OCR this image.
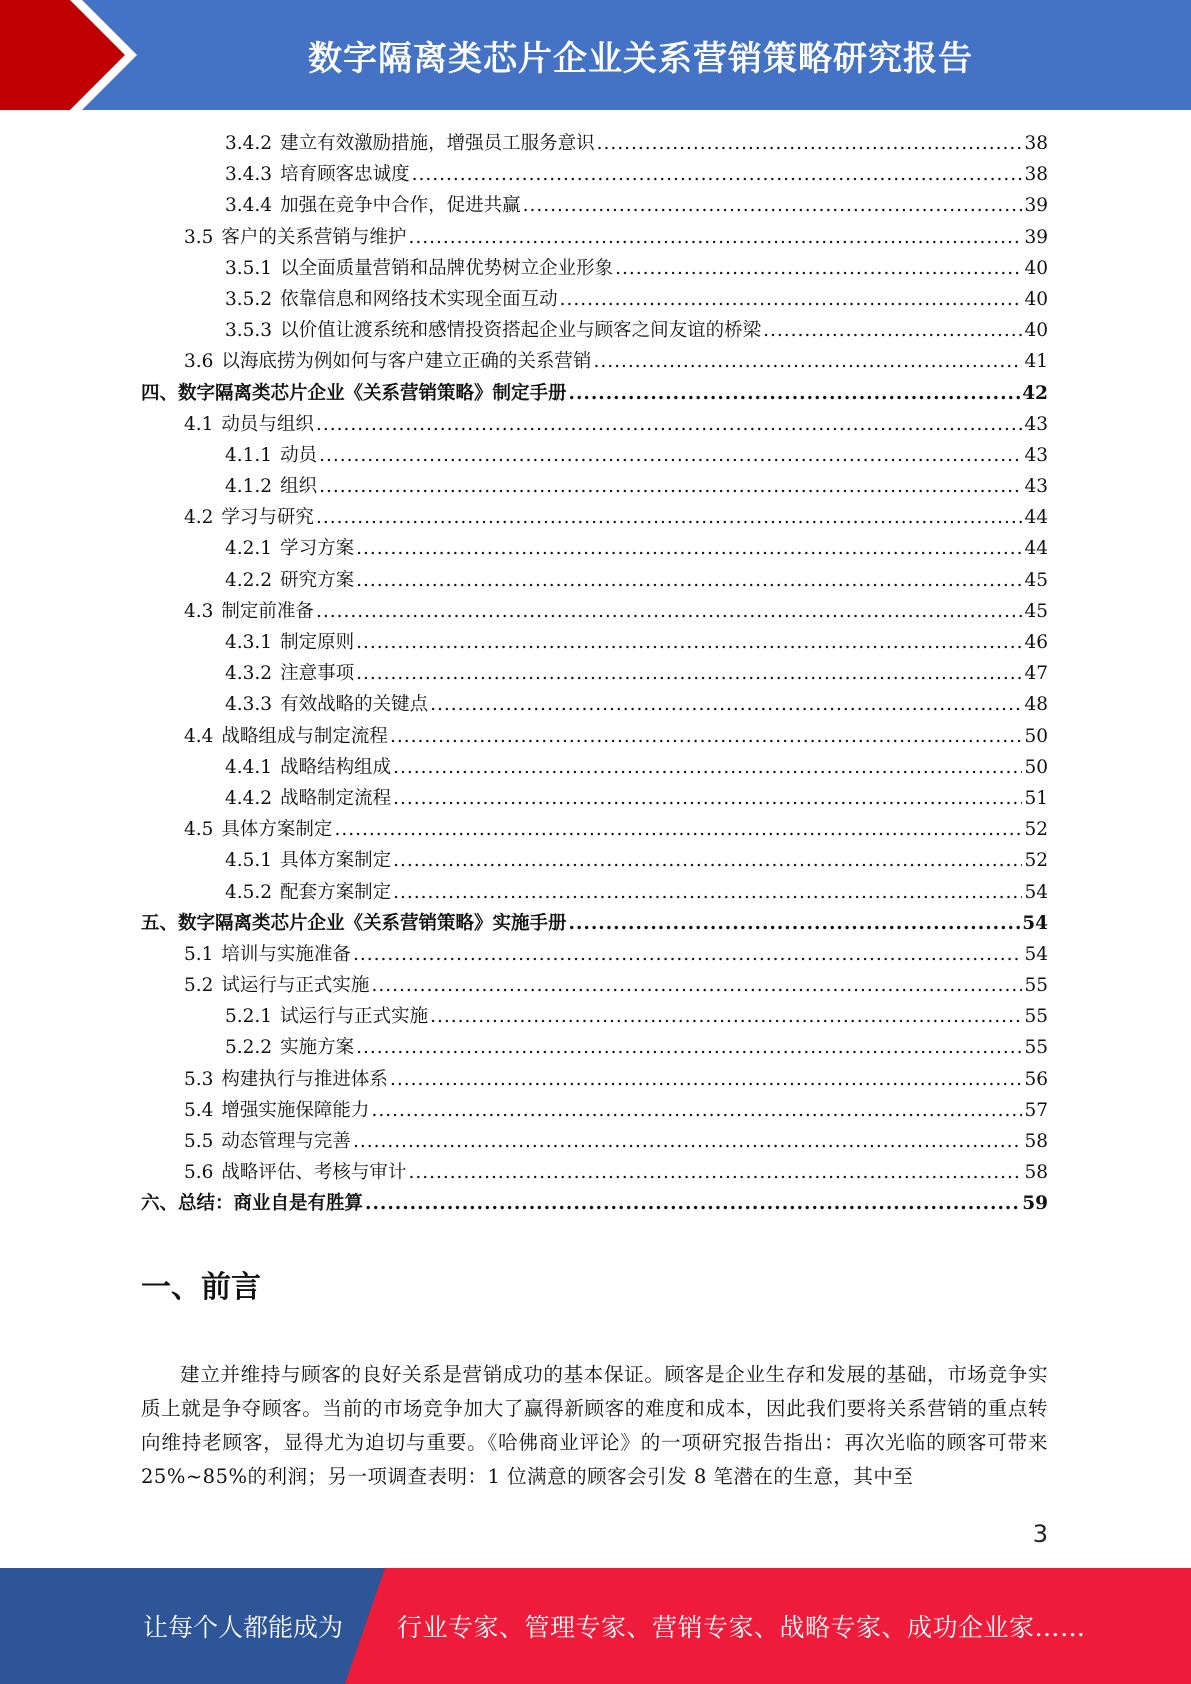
数字隔离类芯片企业关系营销策略研究报告
3.4.2 建立有效激励措施，增强员工服务意识 .....	38
3.4.3 培育顾客忠诚度 .....	38
3.4.4 加强在竞争中合作，促进共赢 .....	39
3.5 客户的关系营销与维护 .....	39
3.5.1 以全面质量营销和品牌优势树立企业形象 .....	40
3.5.2 依靠信息和网络技术实现全面互动 .....	40
3.5.3 以价值让渡系统和感情投资搭起企业与顾客之间友谊的桥梁 .....	40
3.6 以海底捞为例如何与客户建立正确的关系营销 .....	41
四、数字隔离类芯片企业《关系营销策略》制定手册 .....	42
4.1 动员与组织 .....	43
4.1.1 动员 .....	43
4.1.2 组织 .....	43
4.2 学习与研究 .....	44
4.2.1 学习方案 .....	44
4.2.2 研究方案 .....	45
4.3 制定前准备 .....	45
4.3.1 制定原则 .....	46
4.3.2 注意事项 .....	47
4.3.3 有效战略的关键点 .....	48
4.4 战略组成与制定流程 .....	50
4.4.1 战略结构组成 .....	50
4.4.2 战略制定流程 .....	51
4.5 具体方案制定 .....	52
4.5.1 具体方案制定 .....	52
4.5.2 配套方案制定 .....	54
五、数字隔离类芯片企业《关系营销策略》实施手册 .....	54
5.1 培训与实施准备 .....	54
5.2 试运行与正式实施 .....	55
5.2.1 试运行与正式实施 .....	55
5.2.2 实施方案 .....	55
5.3 构建执行与推进体系 .....	56
5.4 增强实施保障能力 .....	57
5.5 动态管理与完善 .....	58
5.6 战略评估、考核与审计 .....	58
六、总结：商业自是有胜算 .....	59
一、前言

建立并维持与顾客的良好关系是营销成功的基本保证。顾客是企业生存和发展的基础，市场竞争实质上就是争夺顾客。当前的市场竞争加大了赢得新顾客的难度和成本，因此我们要将关系营销的重点转向维持老顾客，显得尤为迫切与重要。《哈佛商业评论》的一项研究报告指出：再次光临的顾客可带来 25%~85%的利润；另一项调查表明：1 位满意的顾客会引发 8 笔潜在的生意，其中至

3
让每个人都能成为 行业专家、管理专家、营销专家、战略专家、成功企业家……
